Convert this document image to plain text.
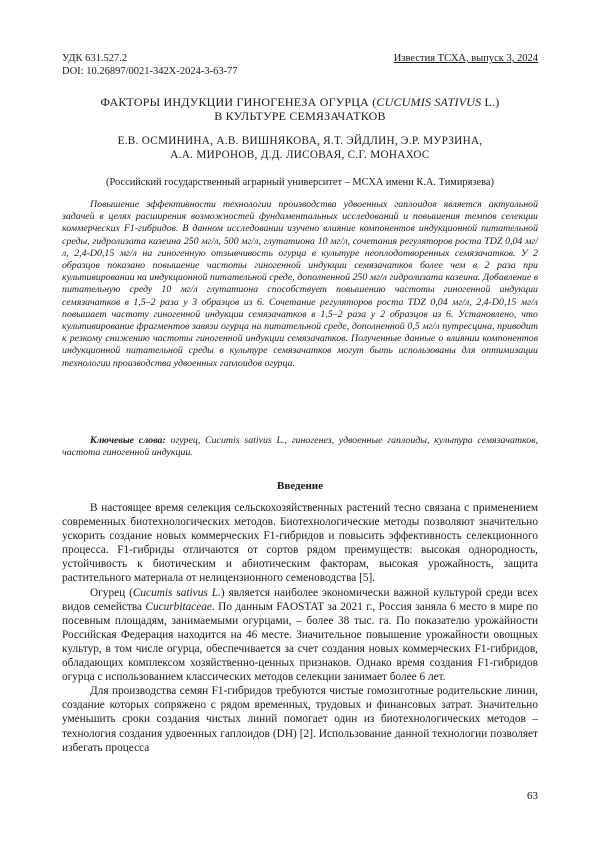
УДК 631.527.2
DOI: 10.26897/0021-342X-2024-3-63-77
Известия ТСХА, выпуск 3, 2024
ФАКТОРЫ ИНДУКЦИИ ГИНОГЕНЕЗА ОГУРЦА (CUCUMIS SATIVUS L.)
В КУЛЬТУРЕ СЕМЯЗАЧАТКОВ
Е.В. ОСМИНИНА, А.В. ВИШНЯКОВА, Я.Т. ЭЙДЛИН, Э.Р. МУРЗИНА,
А.А. МИРОНОВ, Д.Д. ЛИСОВАЯ, С.Г. МОНАХОС
(Российский государственный аграрный университет – МСХА имени К.А. Тимирязева)
Повышение эффективности технологии производства удвоенных гаплоидов является актуальной задачей в целях расширения возможностей фундаментальных исследований и повышения темпов селекции коммерческих F1-гибридов. В данном исследовании изучено влияние компонентов индукционной питательной среды, гидролизата казеина 250 мг/л, 500 мг/л, глутатиона 10 мг/л, сочетания регуляторов роста TDZ 0,04 мг/л, 2,4-D0,15 мг/л на гиногенную отзывчивость огурца в культуре неоплодотворенных семязачатков. У 2 образцов показано повышение частоты гиногенной индукции семязачатков более чем в 2 раза при культивировании на индукционной питательной среде, дополненной 250 мг/л гидролизата казеина. Добавление в питательную среду 10 мг/л глутатиона способствует повышению частоты гиногенной индукции семязачатков в 1,5–2 раза у 3 образцов из 6. Сочетание регуляторов роста TDZ 0,04 мг/л, 2,4-D0,15 мг/л повышает частоту гиногенной индукции семязачатков в 1,5–2 раза у 2 образцов из 6. Установлено, что культивирование фрагментов завязи огурца на питательной среде, дополненной 0,5 мг/л путресцина, приводит к резкому снижению частоты гиногенной индукции семязачатков. Полученные данные о влиянии компонентов индукционной питательной среды в культуре семязачатков могут быть использованы для оптимизации технологии производства удвоенных гаплоидов огурца.
Ключевые слова: огурец, Cucumis sativus L., гиногенез, удвоенные гаплоиды, культура семязачатков, частота гиногенной индукции.
Введение

В настоящее время селекция сельскохозяйственных растений тесно связана с применением современных биотехнологических методов. Биотехнологические методы позволяют значительно ускорить создание новых коммерческих F1-гибридов и повысить эффективность селекционного процесса. F1-гибриды отличаются от сортов рядом преимуществ: высокая однородность, устойчивость к биотическим и абиотическим факторам, высокая урожайность, защита растительного материала от нелицензионного семеноводства [5].

Огурец (Cucumis sativus L.) является наиболее экономически важной культурой среди всех видов семейства Cucurbitaceae. По данным FAOSTAT за 2021 г., Россия заняла 6 место в мире по посевным площадям, занимаемыми огурцами, – более 38 тыс. га. По показателю урожайности Российская Федерация находится на 46 месте. Значительное повышение урожайности овощных культур, в том числе огурца, обеспечивается за счет создания новых коммерческих F1-гибридов, обладающих комплексом хозяйственно-ценных признаков. Однако время создания F1-гибридов огурца с использованием классических методов селекции занимает более 6 лет.

Для производства семян F1-гибридов требуются чистые гомозиготные родительские линии, создание которых сопряжено с рядом временных, трудовых и финансовых затрат. Значительно уменьшить сроки создания чистых линий помогает один из биотехнологических методов – технология создания удвоенных гаплоидов (DH) [2]. Использование данной технологии позволяет избегать процесса

63
